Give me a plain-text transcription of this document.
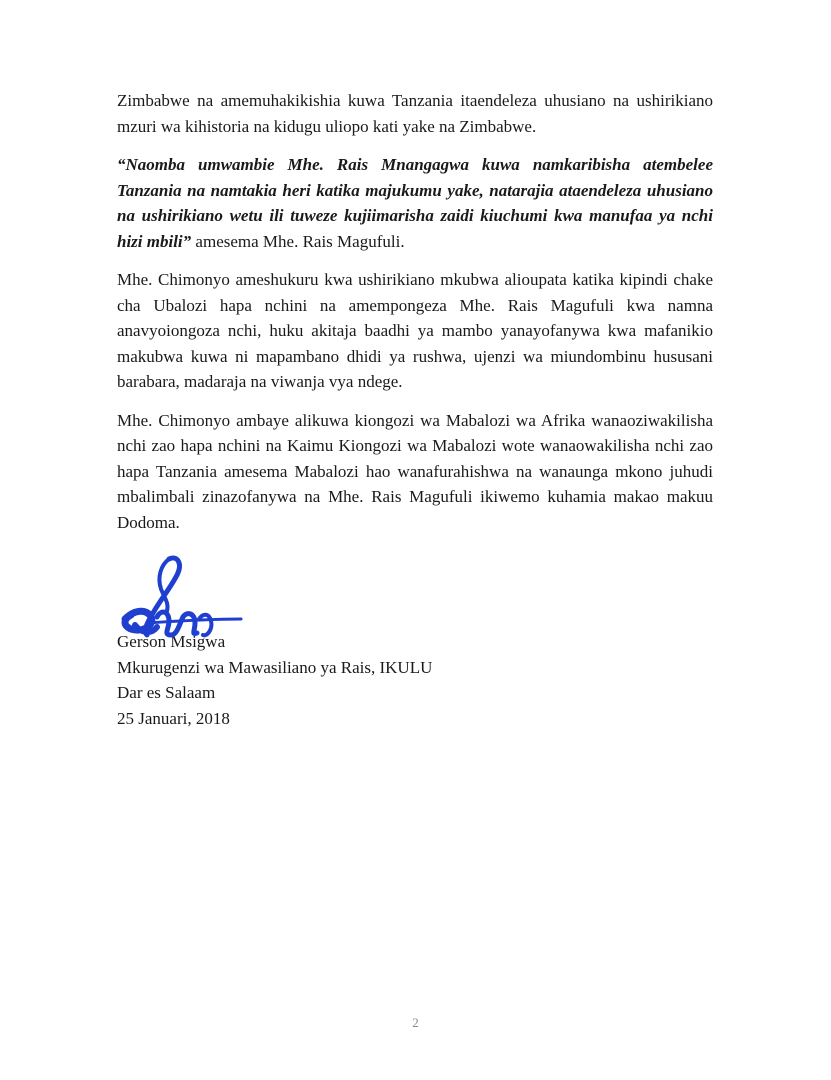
Zimbabwe na amemuhakikishia kuwa Tanzania itaendeleza uhusiano na ushirikiano mzuri wa kihistoria na kidugu uliopo kati yake na Zimbabwe.

“Naomba umwambie Mhe. Rais Mnangagwa kuwa namkaribisha atembelee Tanzania na namtakia heri katika majukumu yake, natarajia ataendeleza uhusiano na ushirikiano wetu ili tuweze kujiimarisha zaidi kiuchumi kwa manufaa ya nchi hizi mbili” amesema Mhe. Rais Magufuli.

Mhe. Chimonyo ameshukuru kwa ushirikiano mkubwa alioupata katika kipindi chake cha Ubalozi hapa nchini na amempongeza Mhe. Rais Magufuli kwa namna anavyoiongoza nchi, huku akitaja baadhi ya mambo yanayofanywa kwa mafanikio makubwa kuwa ni mapambano dhidi ya rushwa, ujenzi wa miundombinu hususani barabara, madaraja na viwanja vya ndege.

Mhe. Chimonyo ambaye alikuwa kiongozi wa Mabalozi wa Afrika wanaoziwakilisha nchi zao hapa nchini na Kaimu Kiongozi wa Mabalozi wote wanaowakilisha nchi zao hapa Tanzania amesema Mabalozi hao wanafurahishwa na wanaunga mkono juhudi mbalimbali zinazofanywa na Mhe. Rais Magufuli ikiwemo kuhamia makao makuu Dodoma.

Gerson Msigwa
Mkurugenzi wa Mawasiliano ya Rais, IKULU
Dar es Salaam
25 Januari, 2018
2
